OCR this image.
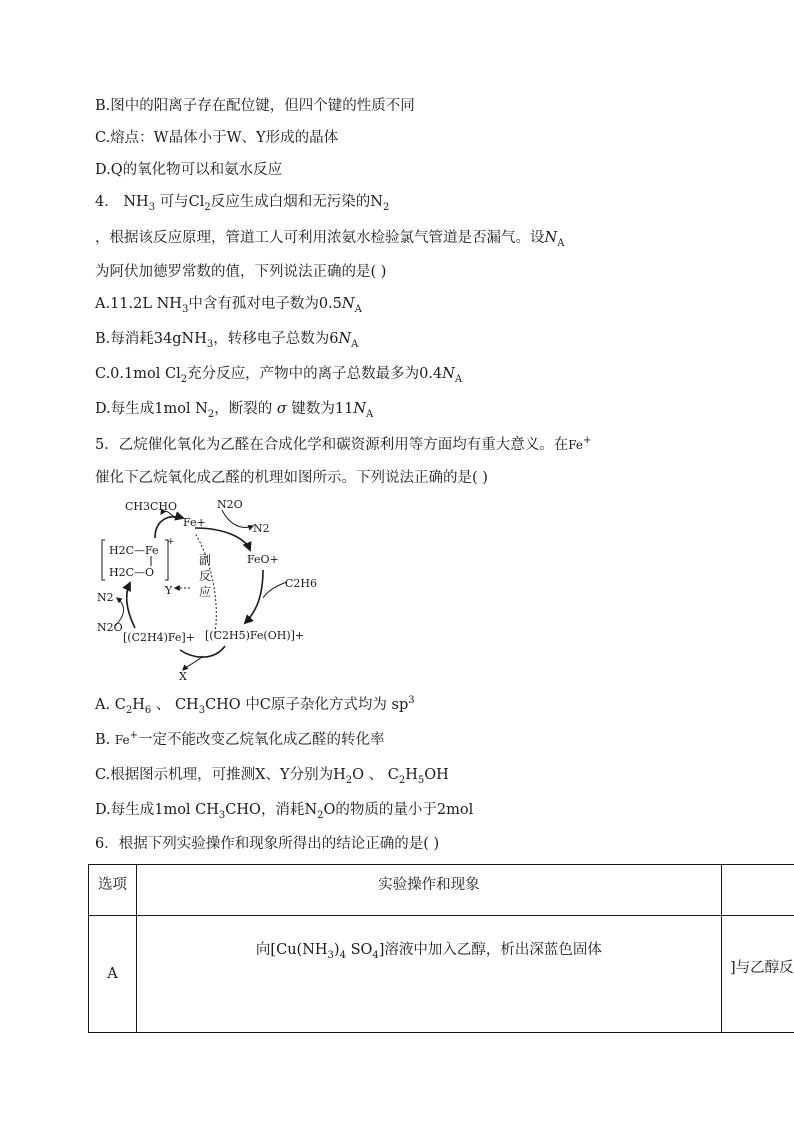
B.图中的阳离子存在配位键，但四个键的性质不同
C.熔点：W晶体小于W、Y形成的晶体
D.Q的氧化物可以和氨水反应
4． $NH_3$ 可与$Cl_2$反应生成白烟和无污染的$N_2$
，根据该反应原理，管道工人可利用浓氨水检验氯气管道是否漏气。设$N_A$
为阿伏加德罗常数的值，下列说法正确的是( )
A.11.2L $NH_3$中含有孤对电子数为$0.5N_A$
B.每消耗34gNH$_3$，转移电子总数为$6N_A$
C.0.1mol $Cl_2$充分反应，产物中的离子总数最多为$0.4N_A$
D.每生成1mol $N_2$，断裂的 σ 键数为$11N_A$
5．乙烷催化氧化为乙醛在合成化学和碳资源利用等方面均有重大意义。在Fe+
催化下乙烷氧化成乙醛的机理如图所示。下列说法正确的是( )
CH3CHO
Fe+
N2O
N2
FeO+
C2H6
H2C—Fe
H2C—O
+
副
反
应
Y
N2
N2O
[(C2H4)Fe]+ [(C2H5)Fe(OH)]+
X
A. $C_2H_6$ 、 $CH_3CHO$ 中C原子杂化方式均为 $sp^3$
B. Fe+一定不能改变乙烷氧化成乙醛的转化率
C.根据图示机理，可推测X、Y分别为$H_2O$ 、 $C_2H_5OH$
D.每生成1mol $CH_3CHO$，消耗$N_2O$的物质的量小于2mol
6．根据下列实验操作和现象所得出的结论正确的是( )
选项	实验操作和现象	
A	向[$Cu(NH_3)_4$ $SO_4$]溶液中加入乙醇，析出深蓝色固体	]与乙醇反
